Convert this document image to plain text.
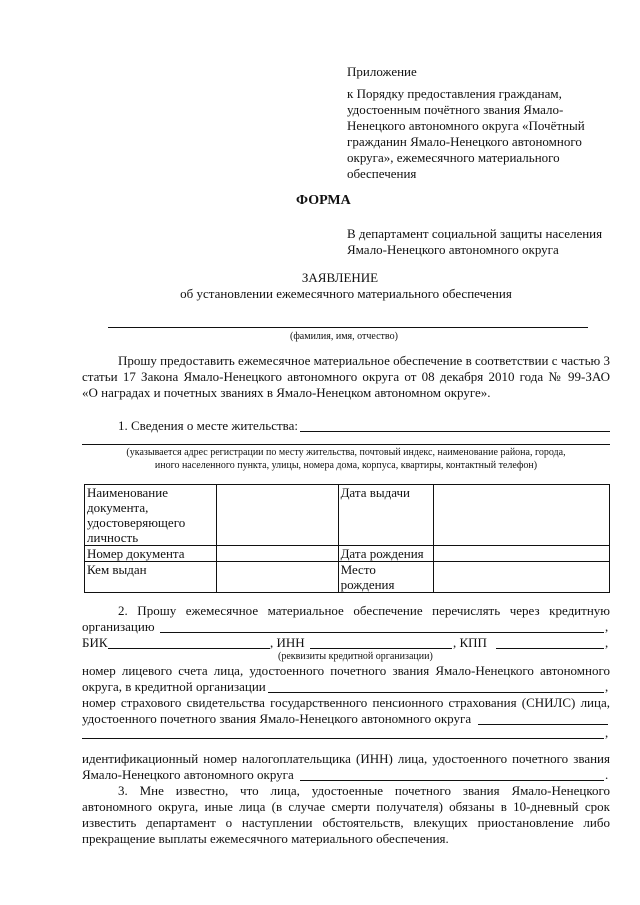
Приложение
к Порядку предоставления гражданам,
удостоенным почётного звания Ямало-
Ненецкого автономного округа «Почётный
гражданин Ямало-Ненецкого автономного
округа», ежемесячного материального
обеспечения
ФОРМА
В департамент социальной защиты населения
Ямало-Ненецкого автономного округа
ЗАЯВЛЕНИЕ
об установлении ежемесячного материального обеспечения
(фамилия, имя, отчество)
Прошу предоставить ежемесячное материальное обеспечение в соответствии с частью 3
статьи 17 Закона Ямало-Ненецкого автономного округа от 08 декабря 2010 года № 99-ЗАО
«О наградах и почетных званиях в Ямало-Ненецком автономном округе».
1. Сведения о месте жительства:
(указывается адрес регистрации по месту жительства, почтовый индекс, наименование района, города,
иного населенного пункта, улицы, номера дома, корпуса, квартиры, контактный телефон)
Наименование
документа,
удостоверяющего
личность		Дата выдачи	
Номер документа		Дата рождения	
Кем выдан		Место
рождения	

2. Прошу ежемесячное материальное обеспечение перечислять через кредитную
организацию	,
БИК	, ИНН	, КПП	,
(реквизиты кредитной организации)
номер лицевого счета лица, удостоенного почетного звания Ямало-Ненецкого автономного
округа, в кредитной организации	,
номер страхового свидетельства государственного пенсионного страхования (СНИЛС) лица,
удостоенного почетного звания Ямало-Ненецкого автономного округа
,
идентификационный номер налогоплательщика (ИНН) лица, удостоенного почетного звания
Ямало-Ненецкого автономного округа	.
3. Мне известно, что лица, удостоенные почетного звания Ямало-Ненецкого
автономного округа, иные лица (в случае смерти получателя) обязаны в 10-дневный срок
известить департамент о наступлении обстоятельств, влекущих приостановление либо
прекращение выплаты ежемесячного материального обеспечения.
